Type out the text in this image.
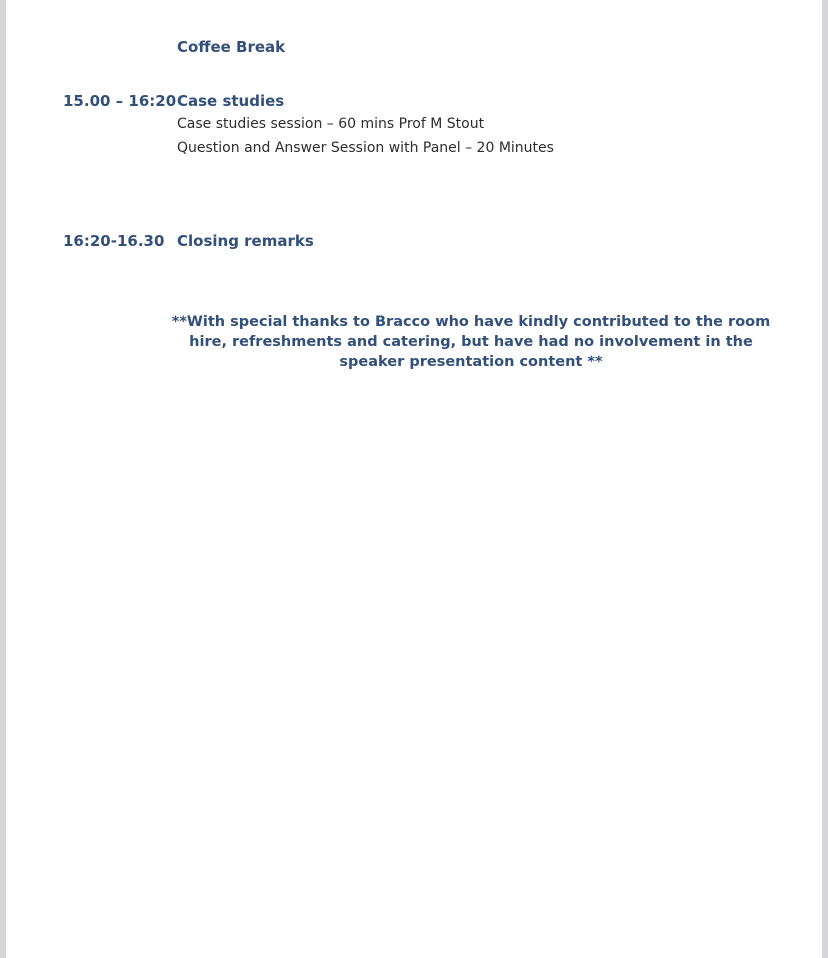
Coffee Break
15.00 – 16:20 Case studies
Case studies session – 60 mins Prof M Stout
Question and Answer Session with Panel – 20 Minutes
16:20-16.30 Closing remarks
**With special thanks to Bracco who have kindly contributed to the room hire, refreshments and catering, but have had no involvement in the speaker presentation content **
